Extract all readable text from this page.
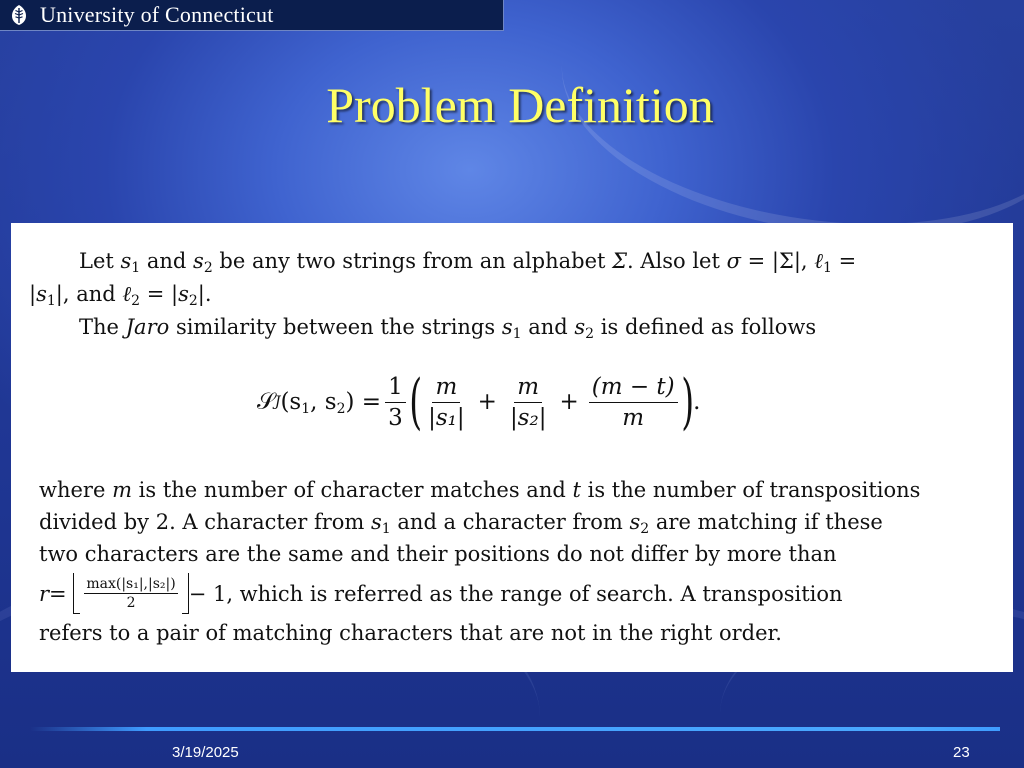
University of Connecticut
Problem Definition

Let $s_1$ and $s_2$ be any two strings from an alphabet Σ. Also let σ = |Σ|, ℓ$_1$ =

$|s_1|$, and ℓ$_2$ = $|s_2|$.

The Jaro similarity between the strings $s_1$ and $s_2$ is defined as follows

𝒮 J ($s_1$, $s_2) = \frac{1}{3}$ ( $\frac{m}{\text{|s₁|}} + \frac{m}{\text{|s₂|}} + \frac{(m - t)}{m}$ ) .

where m is the number of character matches and t is the number of transpositions

divided by 2. A character from $s_1$ and a character from $s_2$ are matching if these

two characters are the same and their positions do not differ by more than

r =
$\frac{\text{max(|s₁|,|s₂|)}}{2} - 1$, which is referred as the range of search. A transposition

refers to a pair of matching characters that are not in the right order.

3/19/2025	23
